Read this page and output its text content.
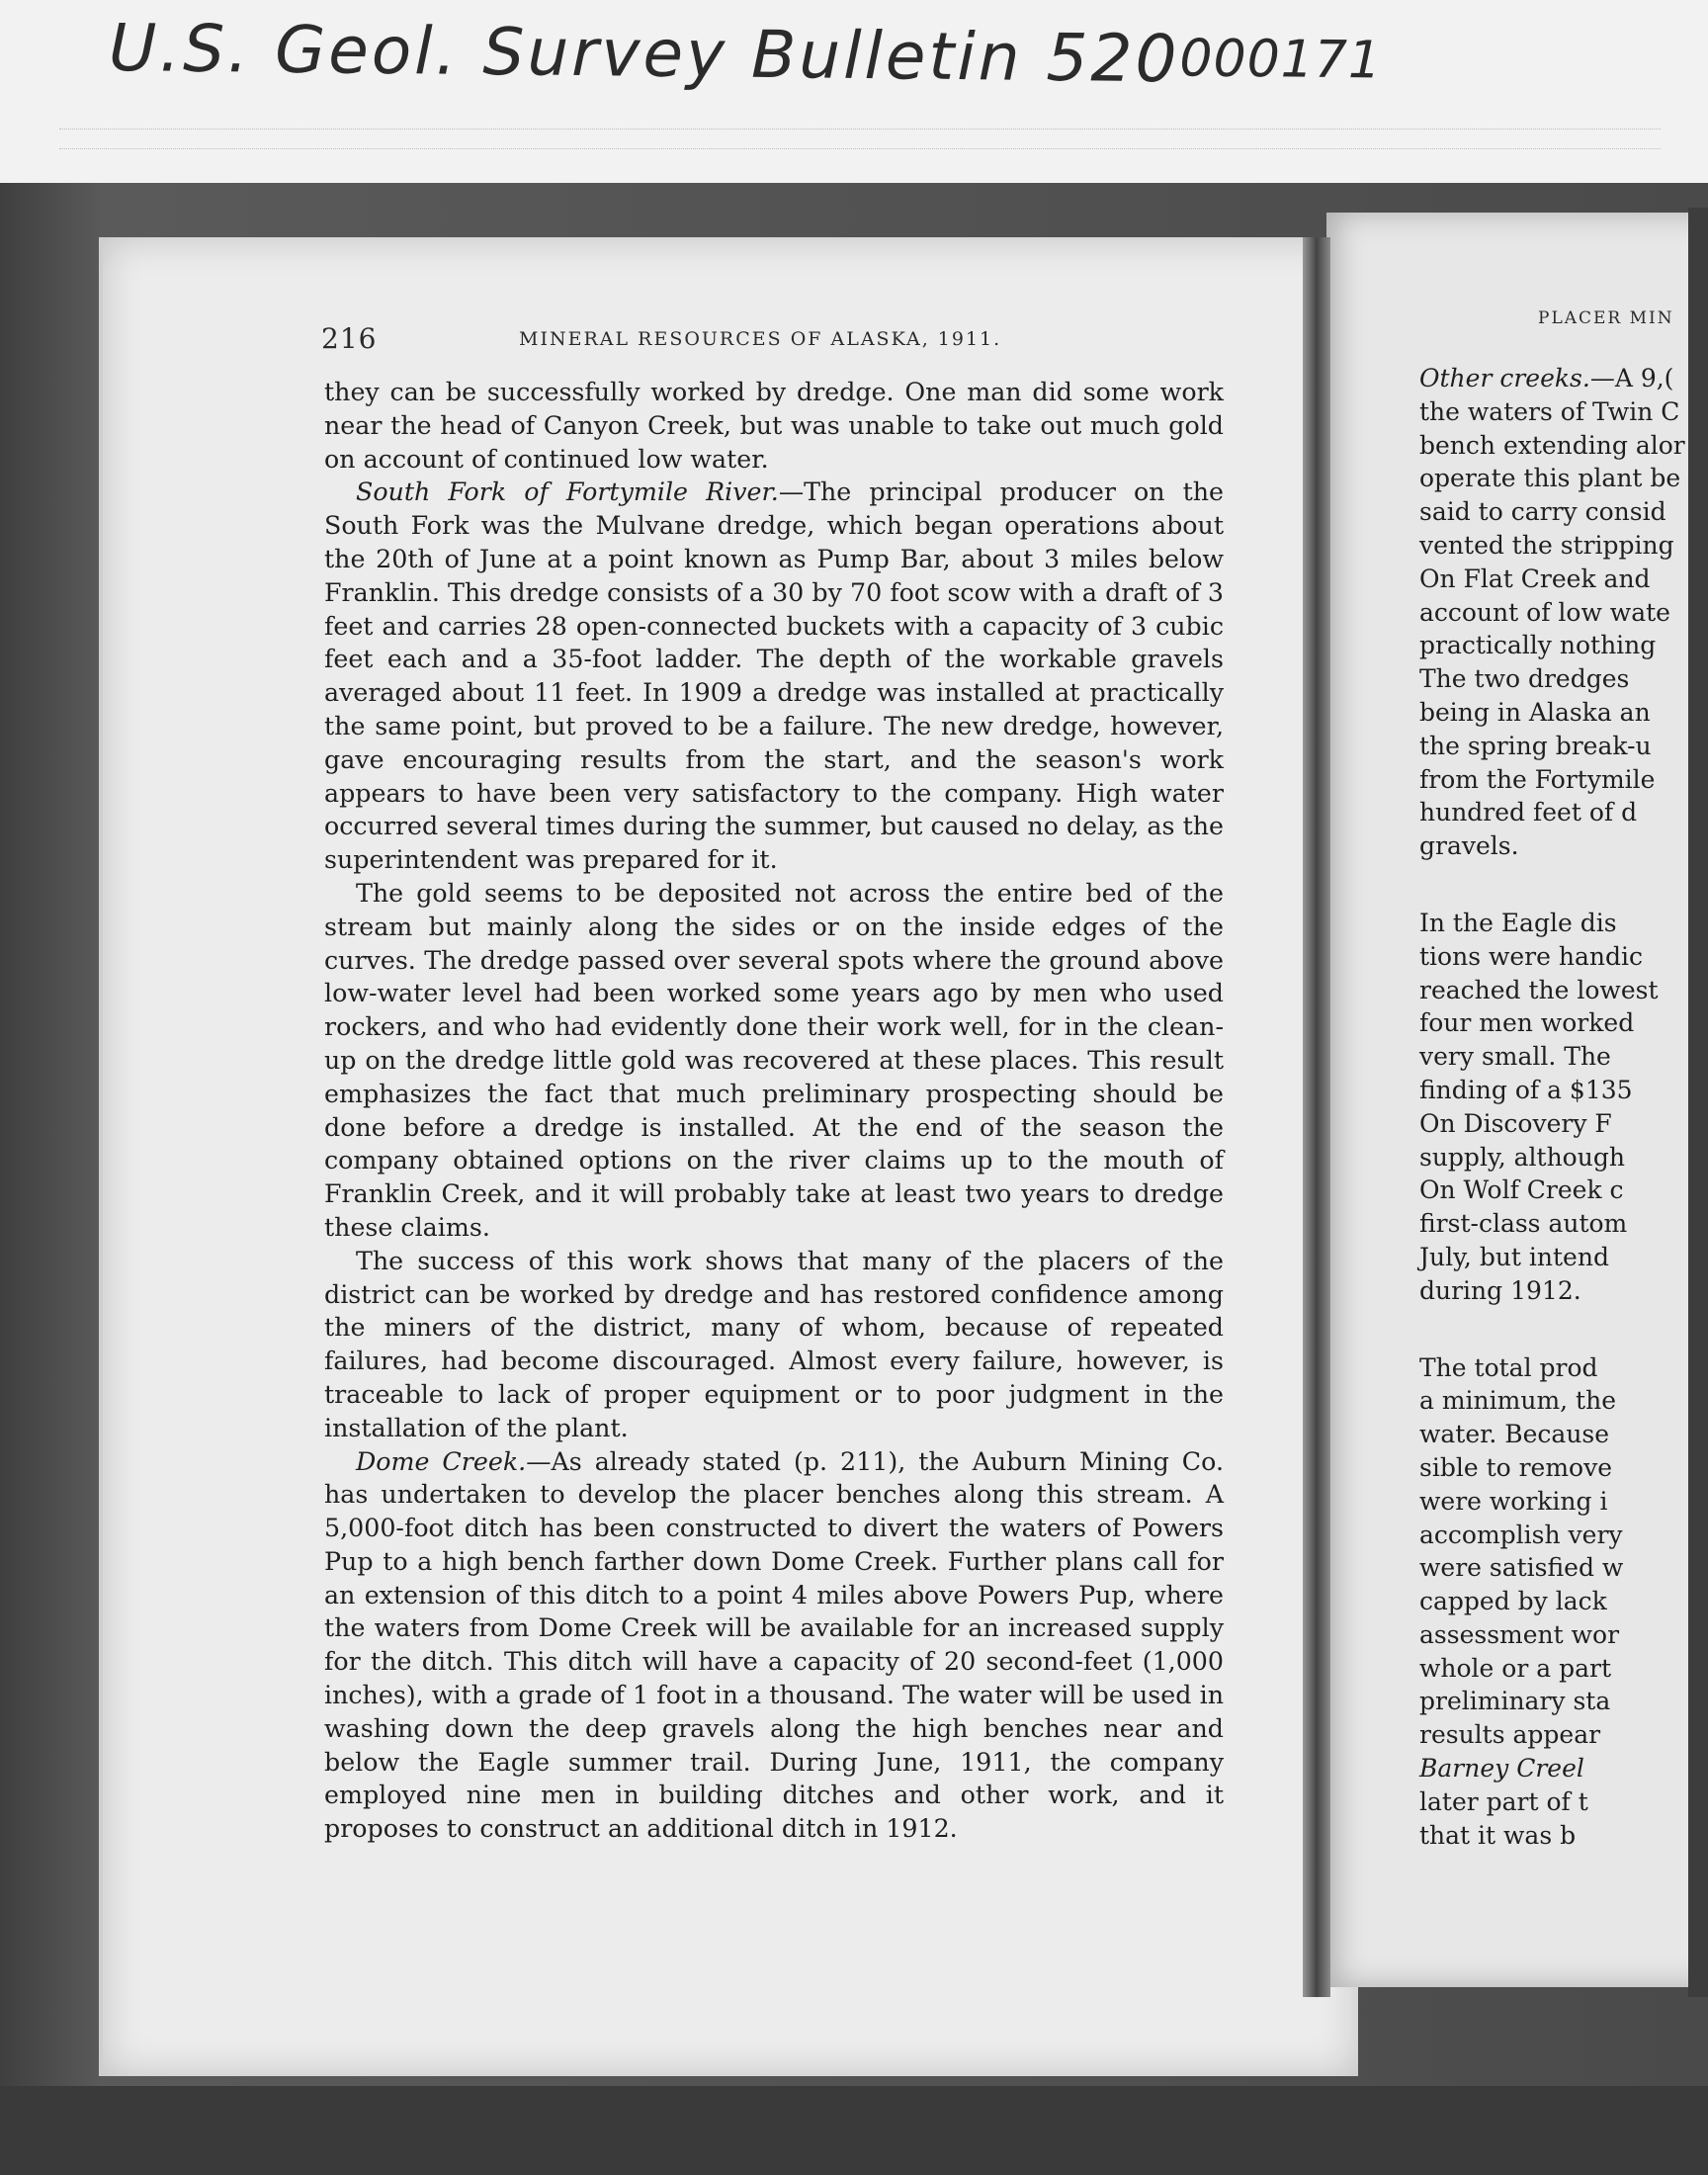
U.S. Geol. Survey Bulletin 520000171
216	MINERAL RESOURCES OF ALASKA, 1911.

they can be successfully worked by dredge. One man did some work near the head of Canyon Creek, but was unable to take out much gold on account of continued low water.

South Fork of Fortymile River.—The principal producer on the South Fork was the Mulvane dredge, which began operations about the 20th of June at a point known as Pump Bar, about 3 miles below Franklin. This dredge consists of a 30 by 70 foot scow with a draft of 3 feet and carries 28 open-connected buckets with a capacity of 3 cubic feet each and a 35-foot ladder. The depth of the workable gravels averaged about 11 feet. In 1909 a dredge was installed at practically the same point, but proved to be a failure. The new dredge, however, gave encouraging results from the start, and the season's work appears to have been very satisfactory to the company. High water occurred several times during the summer, but caused no delay, as the superintendent was prepared for it.

The gold seems to be deposited not across the entire bed of the stream but mainly along the sides or on the inside edges of the curves. The dredge passed over several spots where the ground above low-water level had been worked some years ago by men who used rockers, and who had evidently done their work well, for in the clean-up on the dredge little gold was recovered at these places. This result emphasizes the fact that much preliminary prospecting should be done before a dredge is installed. At the end of the season the company obtained options on the river claims up to the mouth of Franklin Creek, and it will probably take at least two years to dredge these claims.

The success of this work shows that many of the placers of the district can be worked by dredge and has restored confidence among the miners of the district, many of whom, because of repeated failures, had become discouraged. Almost every failure, however, is traceable to lack of proper equipment or to poor judgment in the installation of the plant.

Dome Creek.—As already stated (p. 211), the Auburn Mining Co. has undertaken to develop the placer benches along this stream. A 5,000-foot ditch has been constructed to divert the waters of Powers Pup to a high bench farther down Dome Creek. Further plans call for an extension of this ditch to a point 4 miles above Powers Pup, where the waters from Dome Creek will be available for an increased supply for the ditch. This ditch will have a capacity of 20 second-feet (1,000 inches), with a grade of 1 foot in a thousand. The water will be used in washing down the deep gravels along the high benches near and below the Eagle summer trail. During June, 1911, the company employed nine men in building ditches and other work, and it proposes to construct an additional ditch in 1912.

PLACER MIN
Other creeks.—A 9,(
the waters of Twin C
bench extending alor
operate this plant be
said to carry consid
vented the stripping
On Flat Creek and
account of low wate
practically nothing
The two dredges
being in Alaska an
the spring break-u
from the Fortymile
hundred feet of d
gravels.
In the Eagle dis
tions were handic
reached the lowest
four men worked
very small. The
finding of a $135
On Discovery F
supply, although
On Wolf Creek c
first-class autom
July, but intend
during 1912.
The total prod
a minimum, the
water. Because
sible to remove
were working i
accomplish very
were satisfied w
capped by lack
assessment wor
whole or a part
preliminary sta
results appear
Barney Creel
later part of t
that it was b
